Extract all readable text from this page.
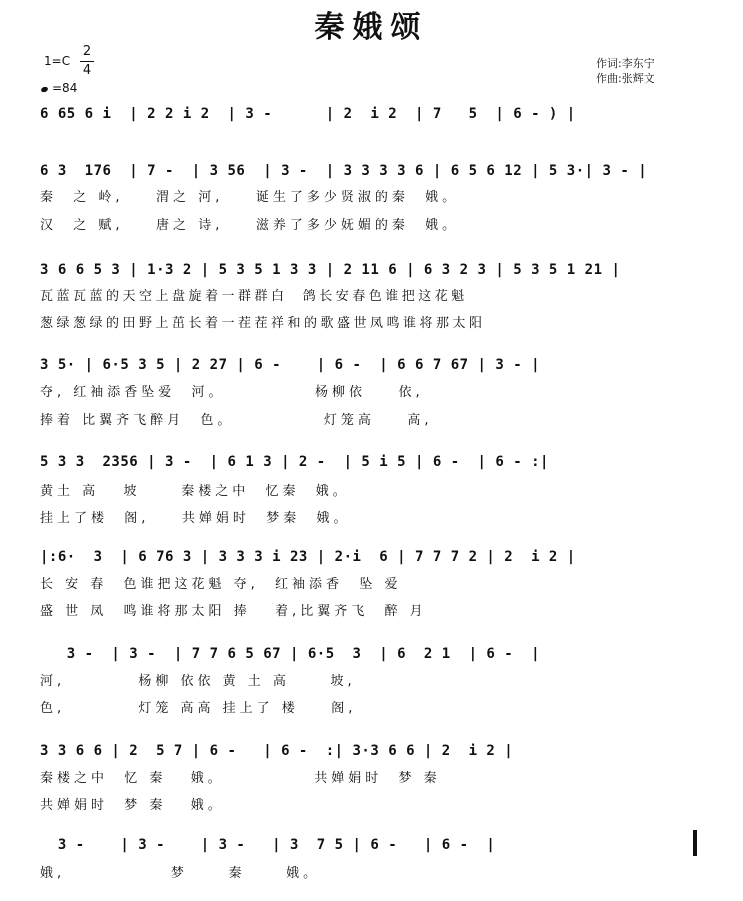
秦娥颂
1=C
2
4
=84
作词:李东宁
作曲:张辉文
6 65 6 i  | 2 2 i 2  | 3 -      | 2  i 2  | 7   5  | 6 - ) |
6 3  176  | 7 -  | 3 56  | 3 -  | 3 3 3 3 6 | 6 5 6 12 | 5 3·| 3 - |
秦  之 岭,    渭之 河,    诞生了多少贤淑的秦  娥。
汉  之 赋,    唐之 诗,    滋养了多少妩媚的秦  娥。
3 6 6 5 3 | 1·3 2 | 5 3 5 1 3 3 | 2 11 6 | 6 3 2 3 | 5 3 5 1 21 |
瓦蓝瓦蓝的天空上盘旋着一群群白  鸽长安春色谁把这花魁
葱绿葱绿的田野上茁长着一茬茬祥和的歌盛世凤鸣谁将那太阳
3 5· | 6·5 3 5 | 2 27 | 6 -    | 6 -  | 6 6 7 67 | 3 - |
夺, 红袖添香坠爱  河。           杨柳依    依,
捧着 比翼齐飞醉月  色。           灯笼高    高,
5 3 3  2356 | 3 -  | 6 1 3 | 2 -  | 5 i 5 | 6 -  | 6 - :|
黄土 高   坡     秦楼之中  忆秦  娥。
挂上了楼  阁,    共婵娟时  梦秦  娥。
|:6·  3  | 6 76 3 | 3 3 3 i 23 | 2·i  6 | 7 7 7 2 | 2  i 2 |
长 安 春  色谁把这花魁 夺,  红袖添香  坠 爱
盛 世 凤  鸣谁将那太阳 捧   着,比翼齐飞  醉 月
3 -  | 3 -  | 7 7 6 5 67 | 6·5  3  | 6  2 1  | 6 -  |
河,         杨柳 依依 黄 土 高     坡,
色,         灯笼 高高 挂上了 楼    阁,
3 3 6 6 | 2  5 7 | 6 -   | 6 -  :| 3·3 6 6 | 2  i 2 |
秦楼之中  忆 秦   娥。           共婵娟时  梦 秦
共婵娟时  梦 秦   娥。
3 -    | 3 -    | 3 -   | 3  7 5 | 6 -   | 6 -  |
娥,             梦     秦     娥。
